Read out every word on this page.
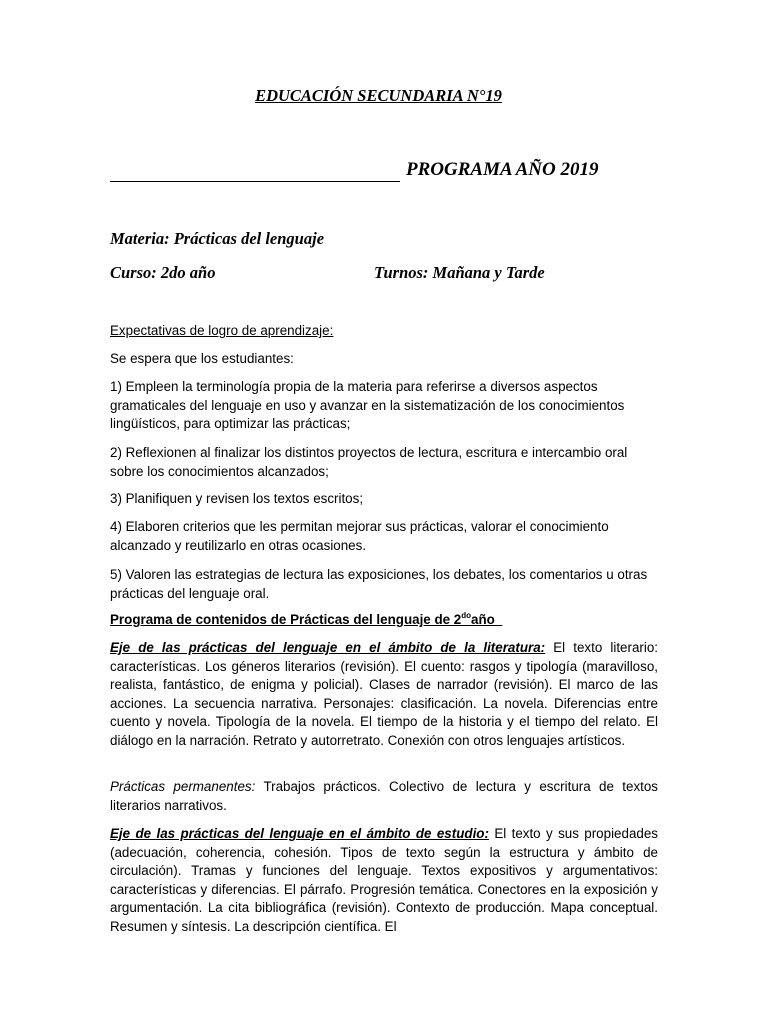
EDUCACIÓN SECUNDARIA N°19
PROGRAMA AÑO 2019
Materia: Prácticas del lenguaje
Curso: 2do año	Turnos: Mañana y Tarde
Expectativas de logro de aprendizaje:
Se espera que los estudiantes:
1) Empleen la terminología propia de la materia para referirse a diversos aspectos gramaticales del lenguaje en uso y avanzar en la sistematización de los conocimientos lingüísticos, para optimizar las prácticas;
2) Reflexionen al finalizar los distintos proyectos de lectura, escritura e intercambio oral sobre los conocimientos alcanzados;
3) Planifiquen y revisen los textos escritos;
4) Elaboren criterios que les permitan mejorar sus prácticas, valorar el conocimiento alcanzado y reutilizarlo en otras ocasiones.
5) Valoren las estrategias de lectura las exposiciones, los debates, los comentarios u otras prácticas del lenguaje oral.
Programa de contenidos de Prácticas del lenguaje de $2^{do}año$
Eje de las prácticas del lenguaje en el ámbito de la literatura: El texto literario: características. Los géneros literarios (revisión). El cuento: rasgos y tipología (maravilloso, realista, fantástico, de enigma y policial). Clases de narrador (revisión). El marco de las acciones. La secuencia narrativa. Personajes: clasificación. La novela. Diferencias entre cuento y novela. Tipología de la novela. El tiempo de la historia y el tiempo del relato. El diálogo en la narración. Retrato y autorretrato. Conexión con otros lenguajes artísticos.
Prácticas permanentes: Trabajos prácticos. Colectivo de lectura y escritura de textos literarios narrativos.
Eje de las prácticas del lenguaje en el ámbito de estudio: El texto y sus propiedades (adecuación, coherencia, cohesión. Tipos de texto según la estructura y ámbito de circulación). Tramas y funciones del lenguaje. Textos expositivos y argumentativos: características y diferencias. El párrafo. Progresión temática. Conectores en la exposición y argumentación. La cita bibliográfica (revisión). Contexto de producción. Mapa conceptual. Resumen y síntesis. La descripción científica. El
